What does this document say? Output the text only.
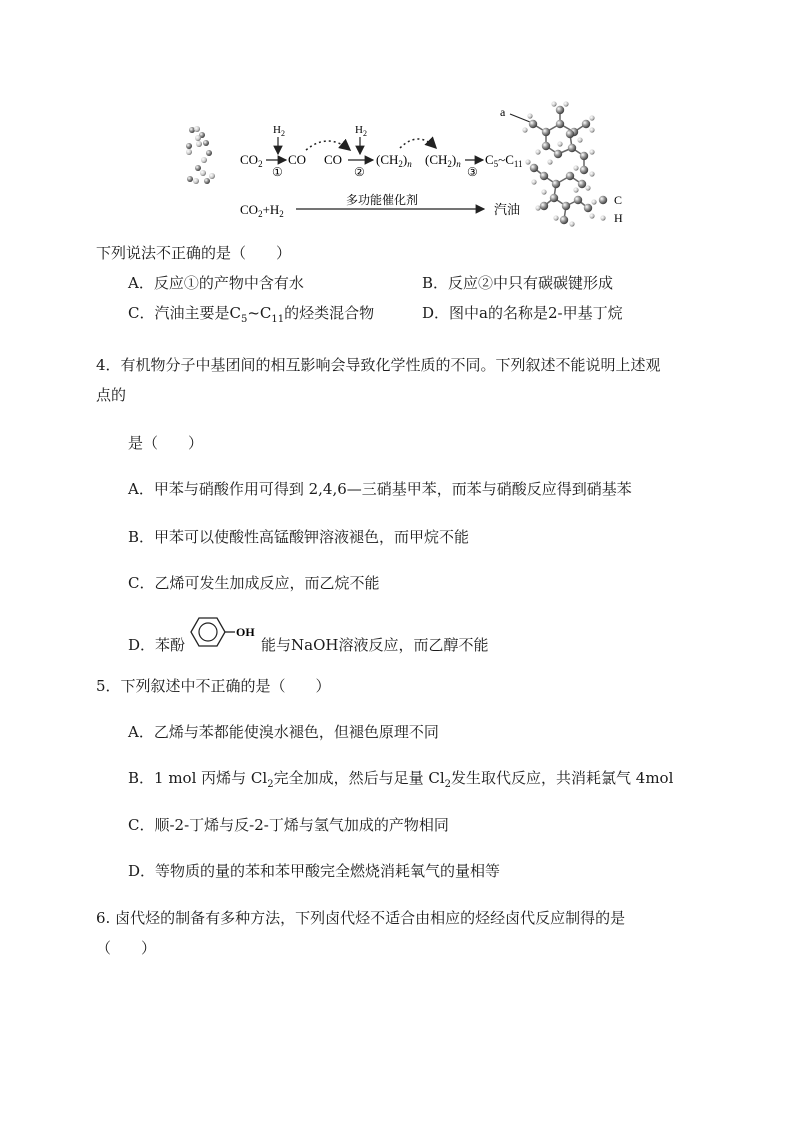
$CO_2$
$H_2$
①
CO CO
$H_2$
②
$(CH_2)_n$ $(CH_2)_n$
③
$C_5\sim C_{11}$
$CO_2+H_2$
多功能催化剂
汽油
a
C
H
下列说法不正确的是（　　）
A．反应①的产物中含有水	B．反应②中只有碳碳键形成
C．汽油主要是$C_5\sim C_{11}$的烃类混合物	D．图中a的名称是2-甲基丁烷
4．有机物分子中基团间的相互影响会导致化学性质的不同。下列叙述不能说明上述观
点的
是（　　）
A．甲苯与硝酸作用可得到 2,4,6—三硝基甲苯，而苯与硝酸反应得到硝基苯
B．甲苯可以使酸性高锰酸钾溶液褪色，而甲烷不能
C．乙烯可发生加成反应，而乙烷不能
D．苯酚
OH
能与NaOH溶液反应，而乙醇不能
5．下列叙述中不正确的是（　　）
A．乙烯与苯都能使溴水褪色，但褪色原理不同
B．1 mol 丙烯与 $Cl_2$完全加成，然后与足量 $Cl_2$发生取代反应，共消耗氯气 4mol
C．顺-2-丁烯与反-2-丁烯与氢气加成的产物相同
D．等物质的量的苯和苯甲酸完全燃烧消耗氧气的量相等
6. 卤代烃的制备有多种方法，下列卤代烃不适合由相应的烃经卤代反应制得的是
（　　）
